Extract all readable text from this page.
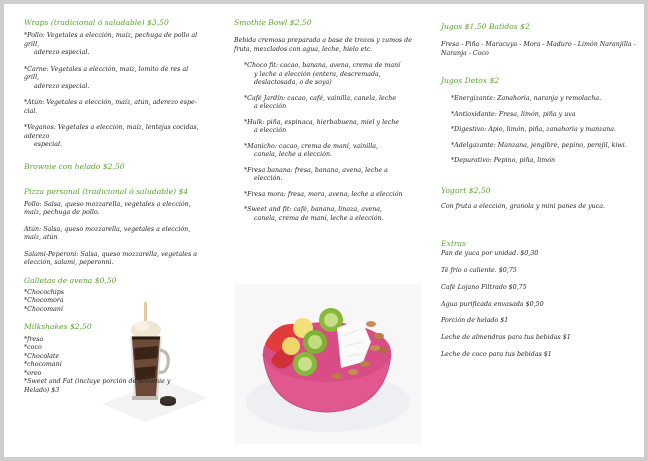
Wraps (tradicional ó saludable) $3,50

*Pollo: Vegetales a elección, maíz, pechuga de pollo al grill,
aderezo especial.
*Carne: Vegetales a elección, maíz, lomito de res al grill,
aderezo especial.
*Atún: Vegetales a elección, maíz, atún, aderezo espe-
cial.
*Veganos: Vegetales a elección, maíz, lentejas cocidas, aderezo
especial.

Brownie con helado $2,50

Pizza personal (tradicional ó saludable) $4

Pollo: Salsa, queso mozzarella, vegetales a elección, maíz, pechuga de pollo.

Atún: Salsa, queso mozzarella, vegetales a elección, maíz, atún

Salami-Peperoni: Salsa, queso mozzarella, vegetales a elección, salami, peperonni.

Galletas de avena $0,50

*Chocochips
*Chocomora
*Chocomaní

Milkshakes $2,50

*fresa
*coco
*Chocolate
*chocomaní
*oreo
*Sweet and Fat (incluye porción de Brownie y
Helado) $3

Smothie Bowl $2,50

Bebida cremosa preparada a base de trozos y zumos de fruta, mezclados con agua, leche, hielo etc.

*Choco fit: cacao, banana, avena, crema de maní
y leche a elección (entera, descremada,
deslactosada, o de soya)
*Café Jardín: cacao, café, vainilla, canela, leche
a elección
*Hulk: piña, espinaca, hierbabuena, miel y leche
a elección
*Manicho: cacao, crema de maní, vainilla,
canela, leche a elección.
*Fresa banana: fresa, banana, avena, leche a
elección.
*Fresa mora: fresa, mora, avena, leche a elección
*Sweet and fit: café, banana, linaza, avena,
canela, crema de maní, leche a elección.

Jugos $1,50 Batidos $2

Fresa - Piña - Maracuya - Mora - Maduro - Limón Naranjilla - Naranja - Coco

Jugos Detox $2

*Energizante: Zanahoria, naranja y remolacha.

*Antioxidante: Fresa, limón, piña y uva

*Digestivo: Apio, limón, piña, zanahoria y manzana.

*Adelgazante: Manzana, jengibre, pepino, perejil, kiwi.

*Depurativo: Pepino, piña, limón

Yogurt $2,50

Con fruta a elección, granola y mini panes de yuca.

Extras

Pan de yuca por unidad. $0,30

Té frío o caliente. $0,75

Café Lojano Filtrado $0,75

Agua purificada envasada $0,50

Porción de helado $1

Leche de almendras para tus bebidas $1

Leche de coco para tus bebidas $1
